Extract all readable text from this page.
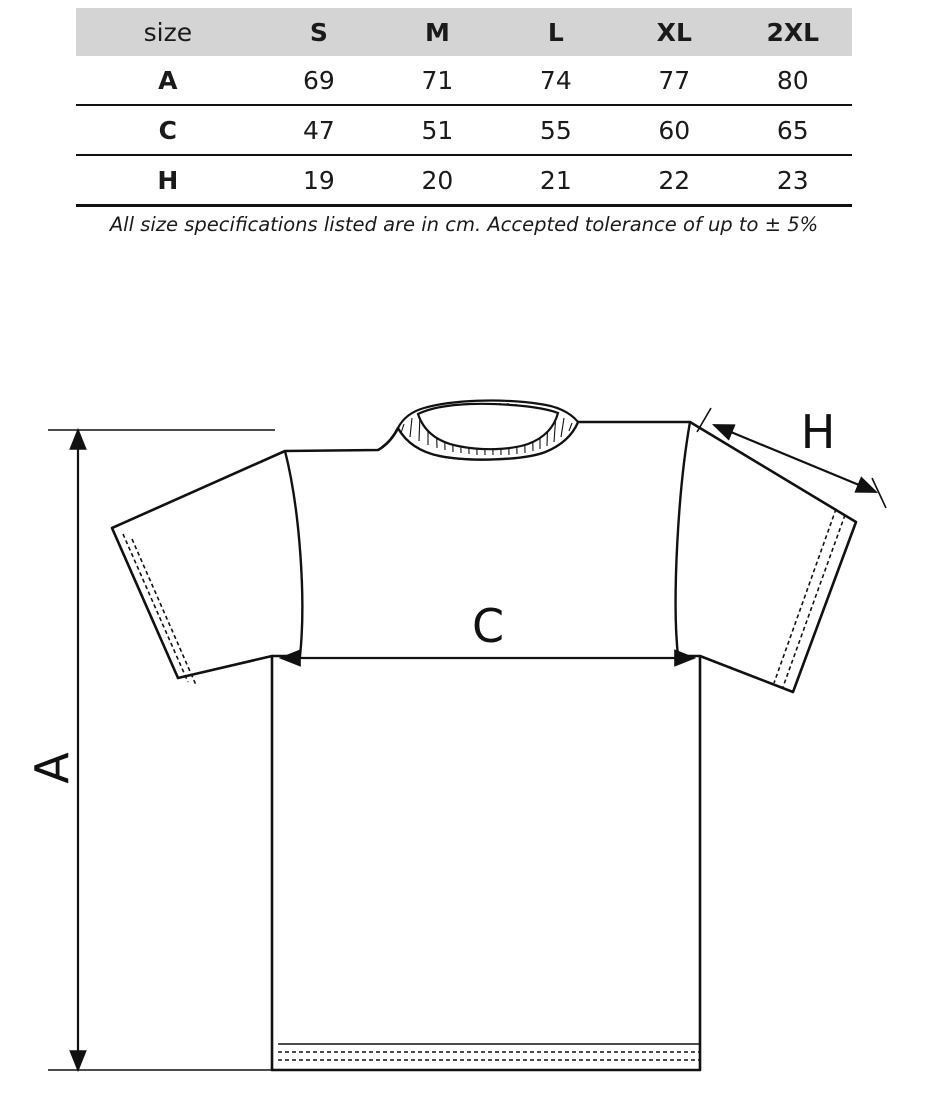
size	S	M	L	XL	2XL
A	69	71	74	77	80
C	47	51	55	60	65
H	19	20	21	22	23
All size specifications listed are in cm. Accepted tolerance of up to ± 5%
A
C
H
